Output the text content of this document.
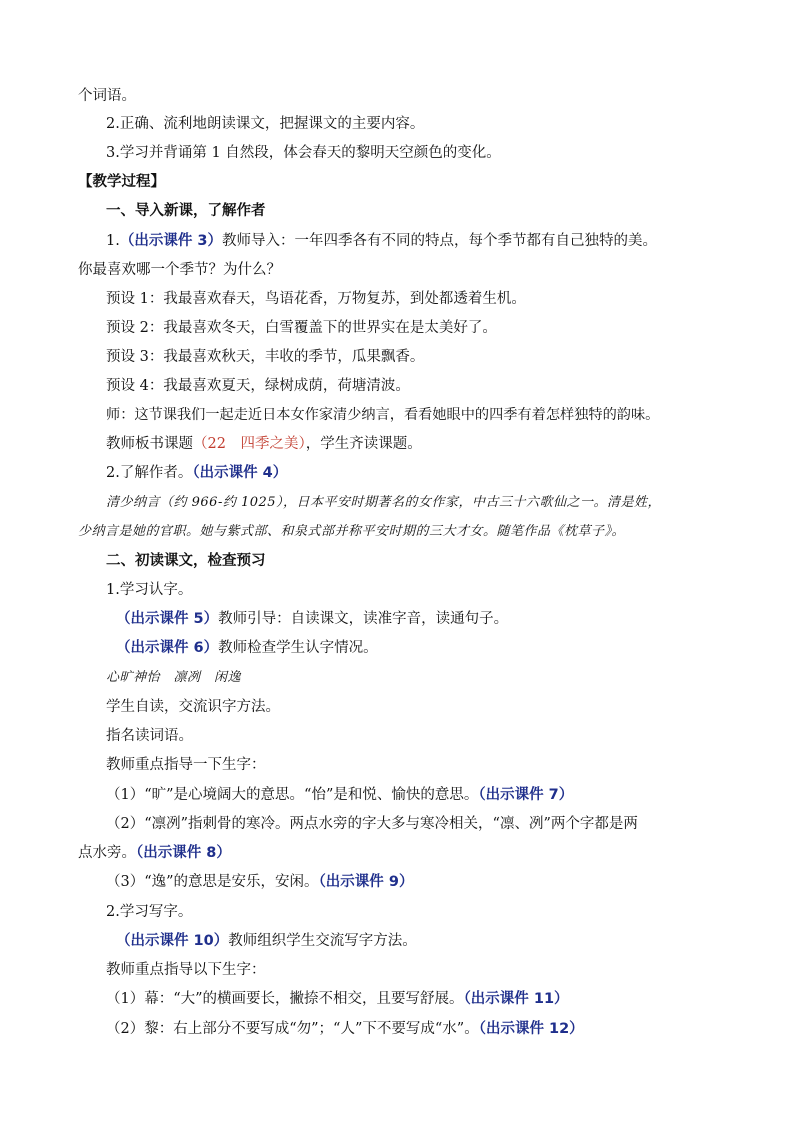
个词语。
2.正确、流利地朗读课文，把握课文的主要内容。
3.学习并背诵第 1 自然段，体会春天的黎明天空颜色的变化。
【教学过程】
一、导入新课，了解作者
1.（出示课件 3）教师导入：一年四季各有不同的特点，每个季节都有自己独特的美。
你最喜欢哪一个季节？为什么？
预设 1：我最喜欢春天，鸟语花香，万物复苏，到处都透着生机。
预设 2：我最喜欢冬天，白雪覆盖下的世界实在是太美好了。
预设 3：我最喜欢秋天，丰收的季节，瓜果飘香。
预设 4：我最喜欢夏天，绿树成荫，荷塘清波。
师：这节课我们一起走近日本女作家清少纳言，看看她眼中的四季有着怎样独特的韵味。
教师板书课题（22　四季之美），学生齐读课题。
2.了解作者。（出示课件 4）
清少纳言（约 966-约 1025），日本平安时期著名的女作家，中古三十六歌仙之一。清是姓，
少纳言是她的官职。她与紫式部、和泉式部并称平安时期的三大才女。随笔作品《枕草子》。
二、初读课文，检查预习
1.学习认字。
（出示课件 5）教师引导：自读课文，读准字音，读通句子。
（出示课件 6）教师检查学生认字情况。
心旷神怡　凛冽　闲逸
学生自读，交流识字方法。
指名读词语。
教师重点指导一下生字：
（1）“旷”是心境阔大的意思。“怡”是和悦、愉快的意思。（出示课件 7）
（2）“凛冽”指刺骨的寒冷。两点水旁的字大多与寒冷相关，“凛、冽”两个字都是两
点水旁。（出示课件 8）
（3）“逸”的意思是安乐，安闲。（出示课件 9）
2.学习写字。
（出示课件 10）教师组织学生交流写字方法。
教师重点指导以下生字：
（1）幕：“大”的横画要长，撇捺不相交，且要写舒展。（出示课件 11）
（2）黎：右上部分不要写成“勿”；“人”下不要写成“水”。（出示课件 12）
